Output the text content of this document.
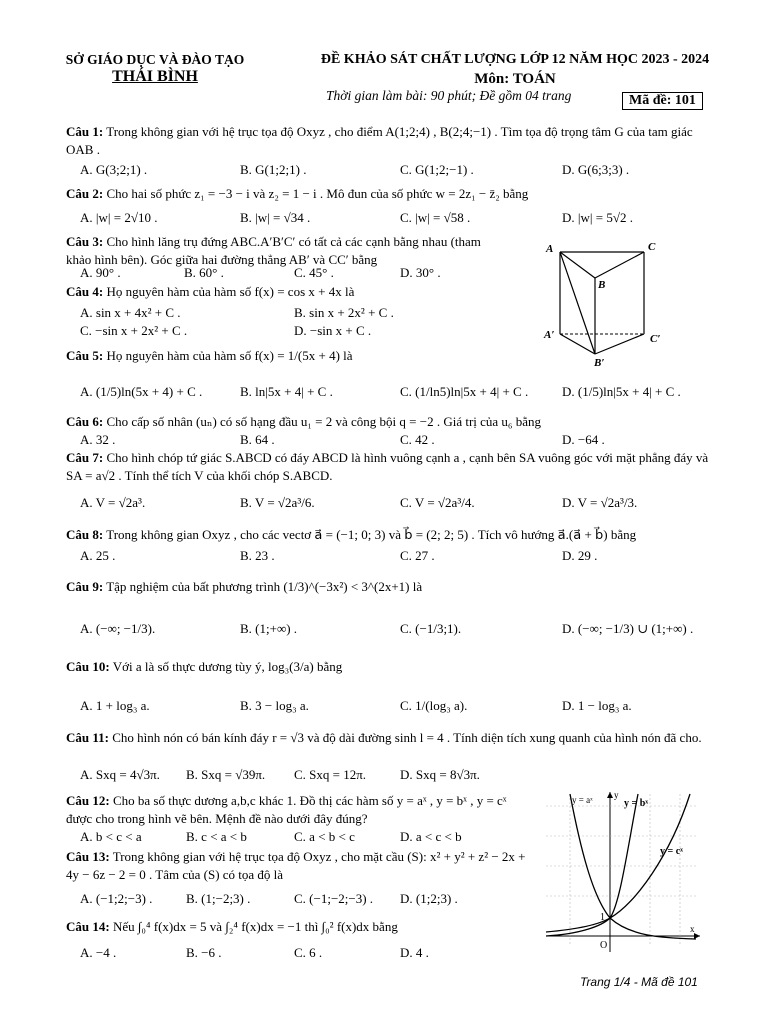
SỞ GIÁO DỤC VÀ ĐÀO TẠO
THÁI BÌNH
ĐỀ KHẢO SÁT CHẤT LƯỢNG LỚP 12 NĂM HỌC 2023 - 2024
Môn: TOÁN
Thời gian làm bài: 90 phút; Đề gồm 04 trang	Mã đề: 101
Câu 1: Trong không gian với hệ trục tọa độ Oxyz , cho điểm A(1;2;4) , B(2;4;−1) . Tìm tọa độ trọng tâm G của tam giác OAB .
A. G(3;2;1) .	B. G(1;2;1) .	C. G(1;2;−1) .	D. G(6;3;3) .
Câu 2: Cho hai số phức z₁ = −3 − i và z₂ = 1 − i . Mô đun của số phức w = 2z₁ − z̄₂ bằng
A. |w| = 2√10 .	B. |w| = √34 .	C. |w| = √58 .	D. |w| = 5√2 .
Câu 3: Cho hình lăng trụ đứng ABC.A′B′C′ có tất cả các cạnh bằng nhau (tham khảo hình bên). Góc giữa hai đường thẳng AB′ và CC′ bằng
A. 90° .	B. 60° .	C. 45° .	D. 30° .
A	C
B
A′	C′
B′
Câu 4: Họ nguyên hàm của hàm số f(x) = cos x + 4x là
A. sin x + 4x² + C .	B. sin x + 2x² + C .
C. −sin x + 2x² + C .	D. −sin x + C .
Câu 5: Họ nguyên hàm của hàm số f(x) = 1/(5x + 4) là
A. (1/5)ln(5x + 4) + C .	B. ln|5x + 4| + C .	C. (1/ln5)ln|5x + 4| + C .	D. (1/5)ln|5x + 4| + C .
Câu 6: Cho cấp số nhân (uₙ) có số hạng đầu u₁ = 2 và công bội q = −2 . Giá trị của u₆ bằng
A. 32 .	B. 64 .	C. 42 .	D. −64 .
Câu 7: Cho hình chóp tứ giác S.ABCD có đáy ABCD là hình vuông cạnh a , cạnh bên SA vuông góc với mặt phẳng đáy và SA = a√2 . Tính thể tích V của khối chóp S.ABCD.
A. V = √2a³.	B. V = √2a³/6.	C. V = √2a³/4.	D. V = √2a³/3.
Câu 8: Trong không gian Oxyz , cho các vectơ a⃗ = (−1; 0; 3) và b⃗ = (2; 2; 5) . Tích vô hướng a⃗.(a⃗ + b⃗) bằng
A. 25 .	B. 23 .	C. 27 .	D. 29 .
Câu 9: Tập nghiệm của bất phương trình (1/3)^(−3x²) < 3^(2x+1) là
A. (−∞; −1/3).	B. (1;+∞) .	C. (−1/3;1).	D. (−∞; −1/3) ∪ (1;+∞) .
Câu 10: Với a là số thực dương tùy ý, log₃(3/a) bằng
A. 1 + log₃ a.	B. 3 − log₃ a.	C. 1/(log₃ a).	D. 1 − log₃ a.
Câu 11: Cho hình nón có bán kính đáy r = √3 và độ dài đường sinh l = 4 . Tính diện tích xung quanh của hình nón đã cho.
A. Sxq = 4√3π. B. Sxq = √39π. C. Sxq = 12π.	D. Sxq = 8√3π.
Câu 12: Cho ba số thực dương a,b,c khác 1. Đồ thị các hàm số y = aˣ , y = bˣ , y = cˣ được cho trong hình vẽ bên. Mệnh đề nào dưới đây đúng?
A. b < c < a	B. c < a < b	C. a < b < c	D. a < c < b
Câu 13: Trong không gian với hệ trục tọa độ Oxyz , cho mặt cầu (S): x² + y² + z² − 2x + 4y − 6z − 2 = 0 . Tâm của (S) có tọa độ là
A. (−1;2;−3) .	B. (1;−2;3) .	C. (−1;−2;−3) . D. (1;2;3) .
Câu 14: Nếu ∫₀⁴ f(x)dx = 5 và ∫₂⁴ f(x)dx = −1 thì ∫₀² f(x)dx bằng
A. −4 .	B. −6 .	C. 6 .	D. 4 .
y = aˣ	y = bˣ
y = cˣ
y
x
O
1
Trang 1/4 - Mã đề 101
